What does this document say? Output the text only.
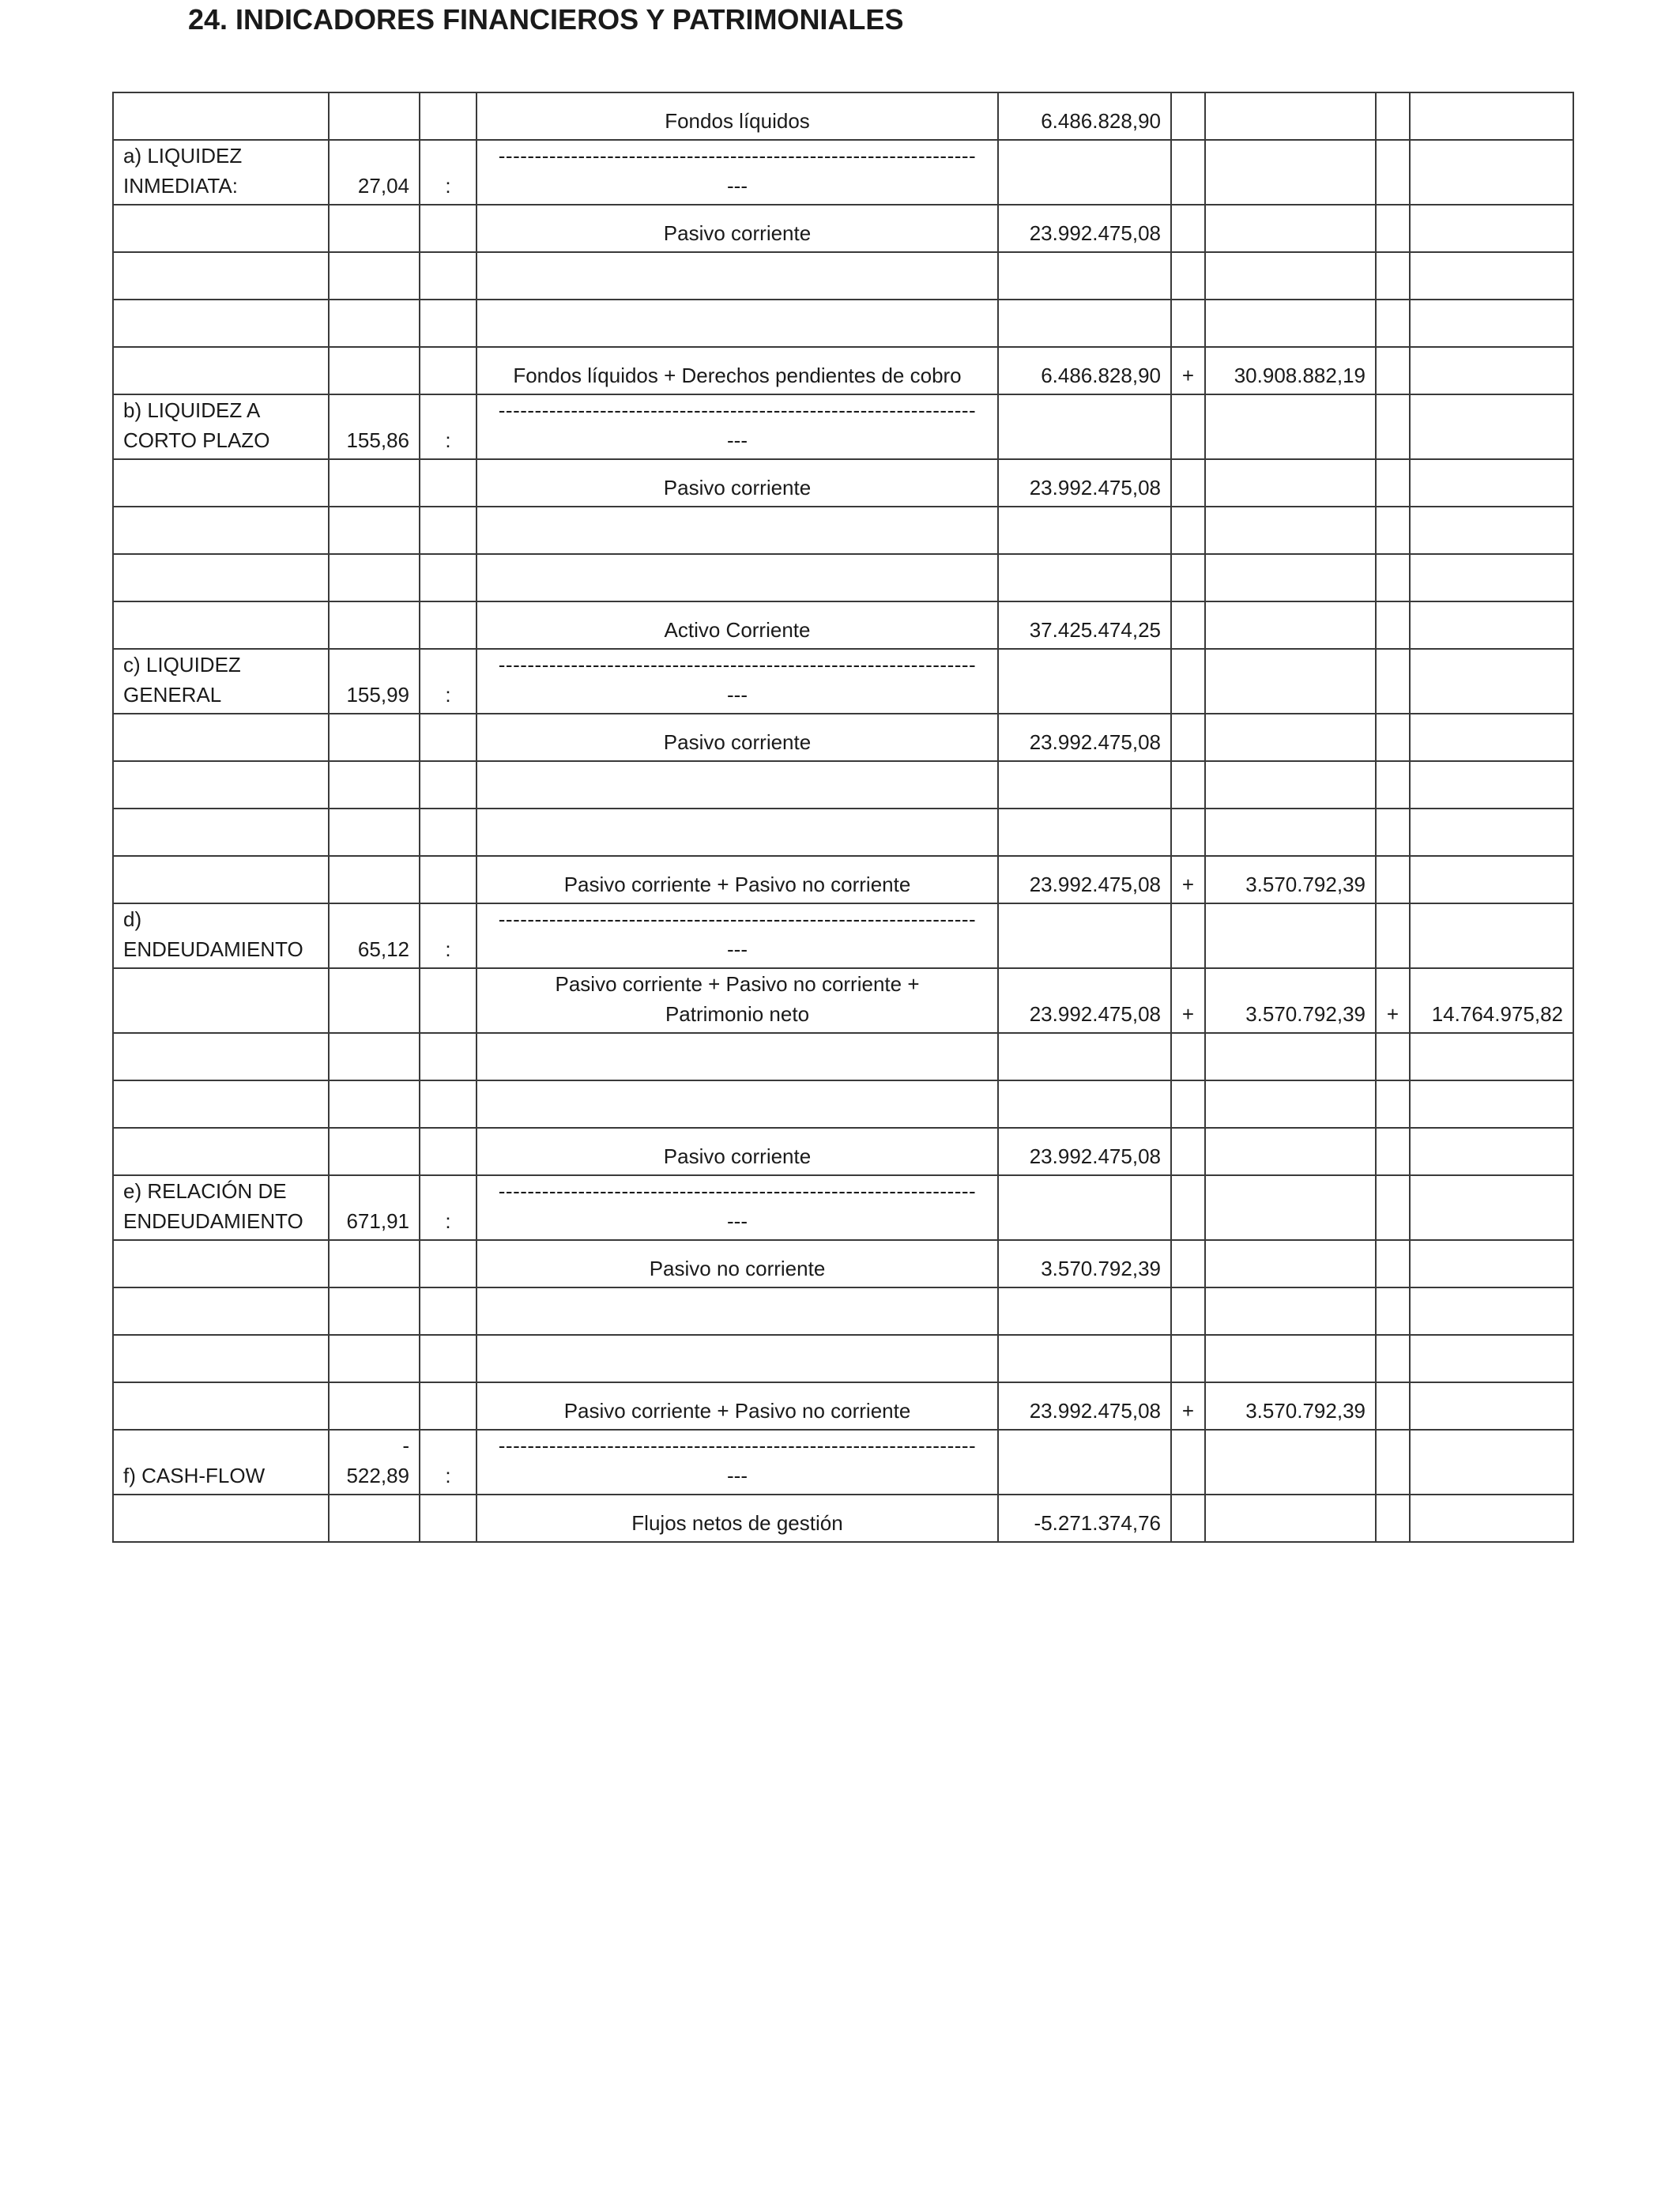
24. INDICADORES FINANCIEROS Y PATRIMONIALES
			Fondos líquidos	6.486.828,90				

a) LIQUIDEZ
INMEDIATA:	27,04	:	------------------------------------------------------------------
---					

			Pasivo corriente	23.992.475,08				

			Fondos líquidos + Derechos pendientes de cobro	6.486.828,90	+	30.908.882,19		

b) LIQUIDEZ A
CORTO PLAZO	155,86	:	------------------------------------------------------------------
---					

			Pasivo corriente	23.992.475,08				

			Activo Corriente	37.425.474,25				

c) LIQUIDEZ
GENERAL	155,99	:	------------------------------------------------------------------
---					

			Pasivo corriente	23.992.475,08				

			Pasivo corriente + Pasivo no corriente	23.992.475,08	+	3.570.792,39		

d)
ENDEUDAMIENTO	65,12	:	------------------------------------------------------------------
---					

			Pasivo corriente + Pasivo no corriente +
Patrimonio neto	23.992.475,08	+	3.570.792,39	+	14.764.975,82

			Pasivo corriente	23.992.475,08				

e) RELACIÓN DE
ENDEUDAMIENTO	671,91	:	------------------------------------------------------------------
---					

			Pasivo no corriente	3.570.792,39				

			Pasivo corriente + Pasivo no corriente	23.992.475,08	+	3.570.792,39		

f) CASH-FLOW	-
522,89	:	------------------------------------------------------------------
---					

			Flujos netos de gestión	-5.271.374,76				
